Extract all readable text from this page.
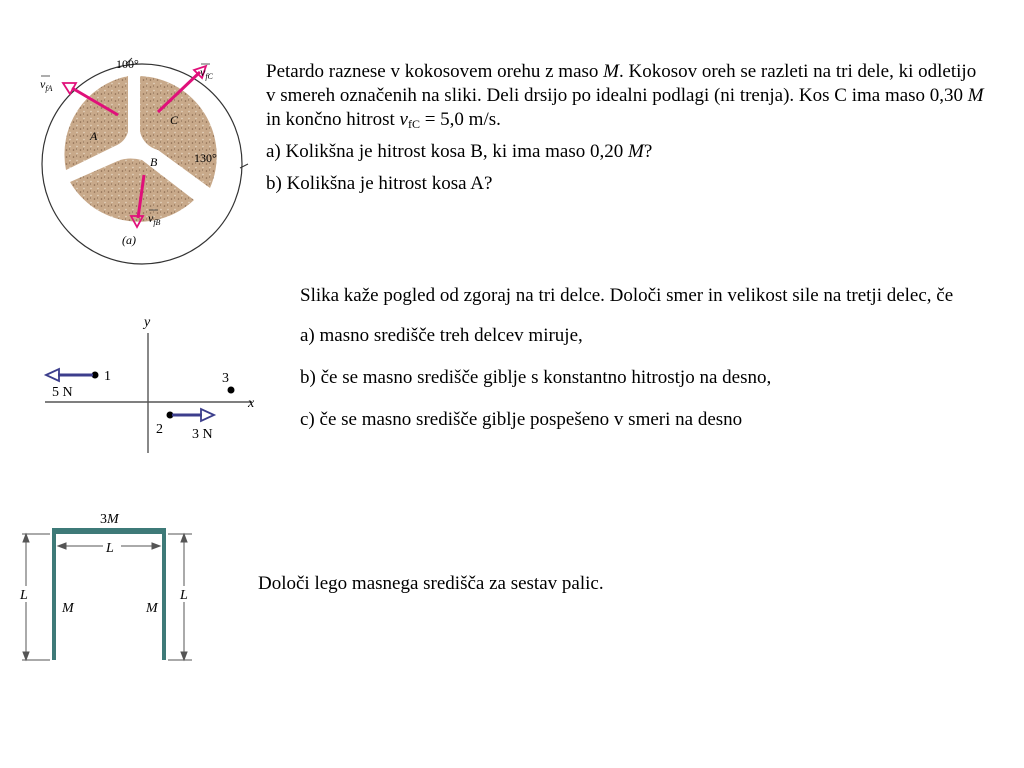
100°
130°
A
C
B
$v_{fA}$
$v_{fC}$
$v_{fB}$
(a)

Petardo raznese v kokosovem orehu z maso M. Kokosov oreh se razleti na tri dele, ki odletijo v smereh označenih na sliki. Deli drsijo po idealni podlagi (ni trenja). Kos C ima maso 0,30 M in končno hitrost $v_{fC} = 5,0$ m/s.

a) Kolikšna je hitrost kosa B, ki ima maso 0,20 M?

b) Kolikšna je hitrost kosa A?

y
x
1
5 N
2 3 N
3

Slika kaže pogled od zgoraj na tri delce. Določi smer in velikost sile na tretji delec, če

a) masno središče treh delcev miruje,

b) če se masno središče giblje s konstantno hitrostjo na desno,

c) če se masno središče giblje pospešeno v smeri na desno

3M
L
L	L
M	M

Določi lego masnega središča za sestav palic.
